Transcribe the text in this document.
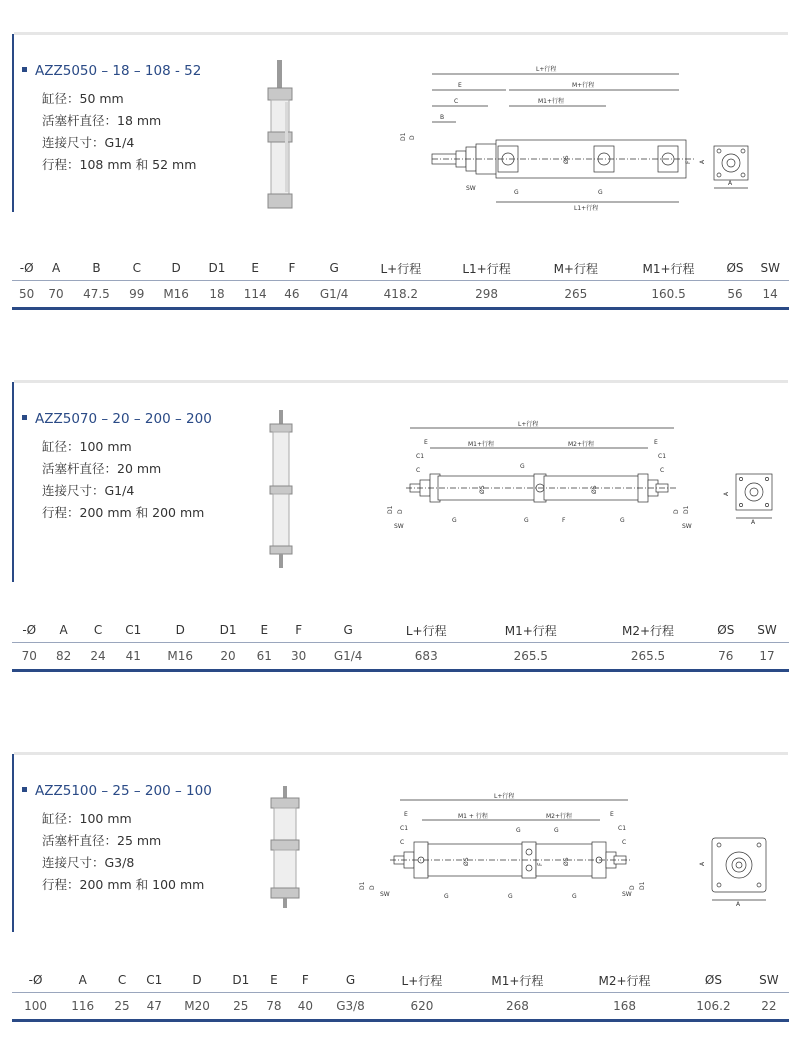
AZZ5050 – 18 – 108 - 52
缸径：50 mm
活塞杆直径：18 mm
连接尺寸：G1/4
行程：108 mm 和 52 mm
L+行程
M+行程
E
M1+行程
C
B
D1 D
ØS
SW
G	G
L1+行程
F A
A
-Ø	A	B	C	D	D1	E	F	G	L+行程	L1+行程	M+行程	M1+行程	ØS	SW
50	70	47.5	99	M16	18	114	46	G1/4	418.2	298	265	160.5	56	14
AZZ5070 – 20 – 200 – 200
缸径：100 mm
活塞杆直径：20 mm
连接尺寸：G1/4
行程：200 mm 和 200 mm
L+行程
M1+行程	M2+行程
E	E
C1	C1
C	C
G
ØS	ØS
D1 D	D D1
SW	SW
G	G	F	G
A
A
-Ø	A	C	C1	D	D1	E	F	G	L+行程	M1+行程	M2+行程	ØS	SW
70	82	24	41	M16	20	61	30	G1/4	683	265.5	265.5	76	17
AZZ5100 – 25 – 200 – 100
缸径：100 mm
活塞杆直径：25 mm
连接尺寸：G3/8
行程：200 mm 和 100 mm
L+行程
M1 + 行程	M2+行程
E	E
C1	C1
C	C
G	G
ØS	ØS
F
D1 D	D D1
SW	SW
G	G	G
A
A
-Ø	A	C	C1	D	D1	E	F	G	L+行程	M1+行程	M2+行程	ØS	SW
100	116	25	47	M20	25	78	40	G3/8	620	268	168	106.2	22
